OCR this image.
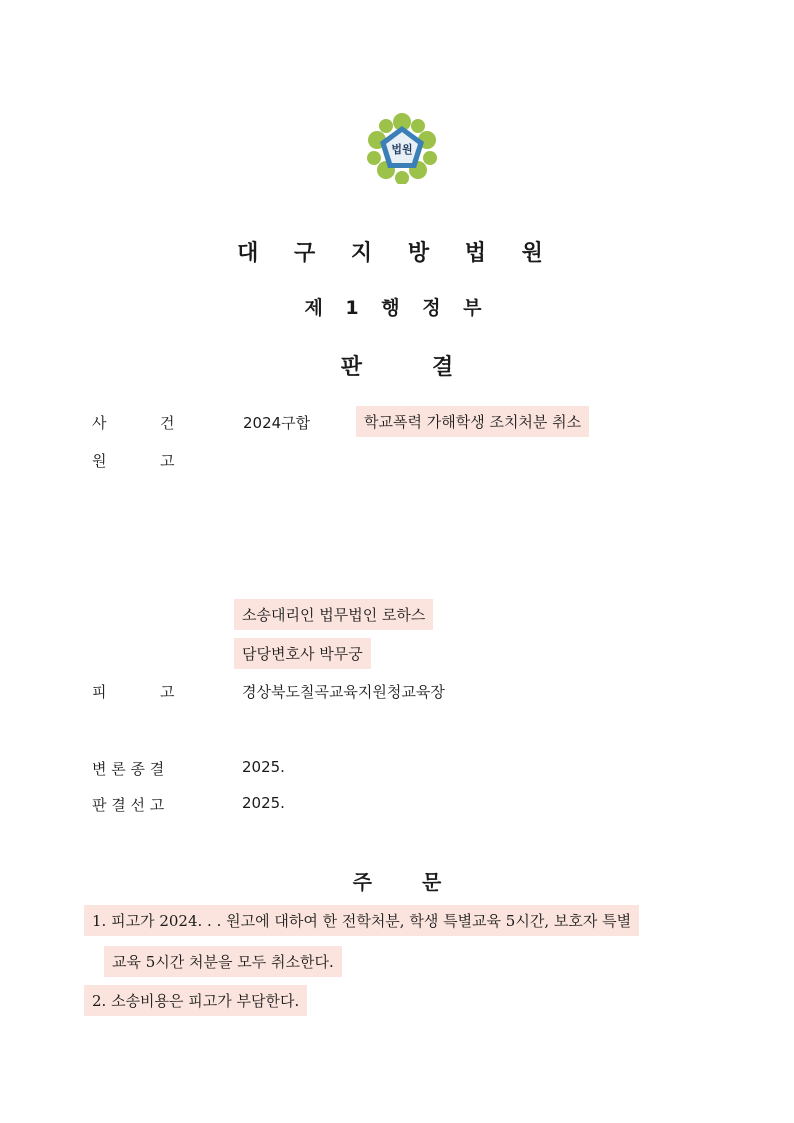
법원
대 구 지 방 법 원
제 1 행 정 부
판	결
사	건	2024구합	학교폭력 가해학생 조치처분 취소
원	고
소송대리인 법무법인 로하스
담당변호사 박무궁
피	고	경상북도칠곡교육지원청교육장
변 론 종 결	2025.
판 결 선 고	2025.
주	문
1. 피고가 2024. . . 원고에 대하여 한 전학처분, 학생 특별교육 5시간, 보호자 특별
교육 5시간 처분을 모두 취소한다.
2. 소송비용은 피고가 부담한다.
